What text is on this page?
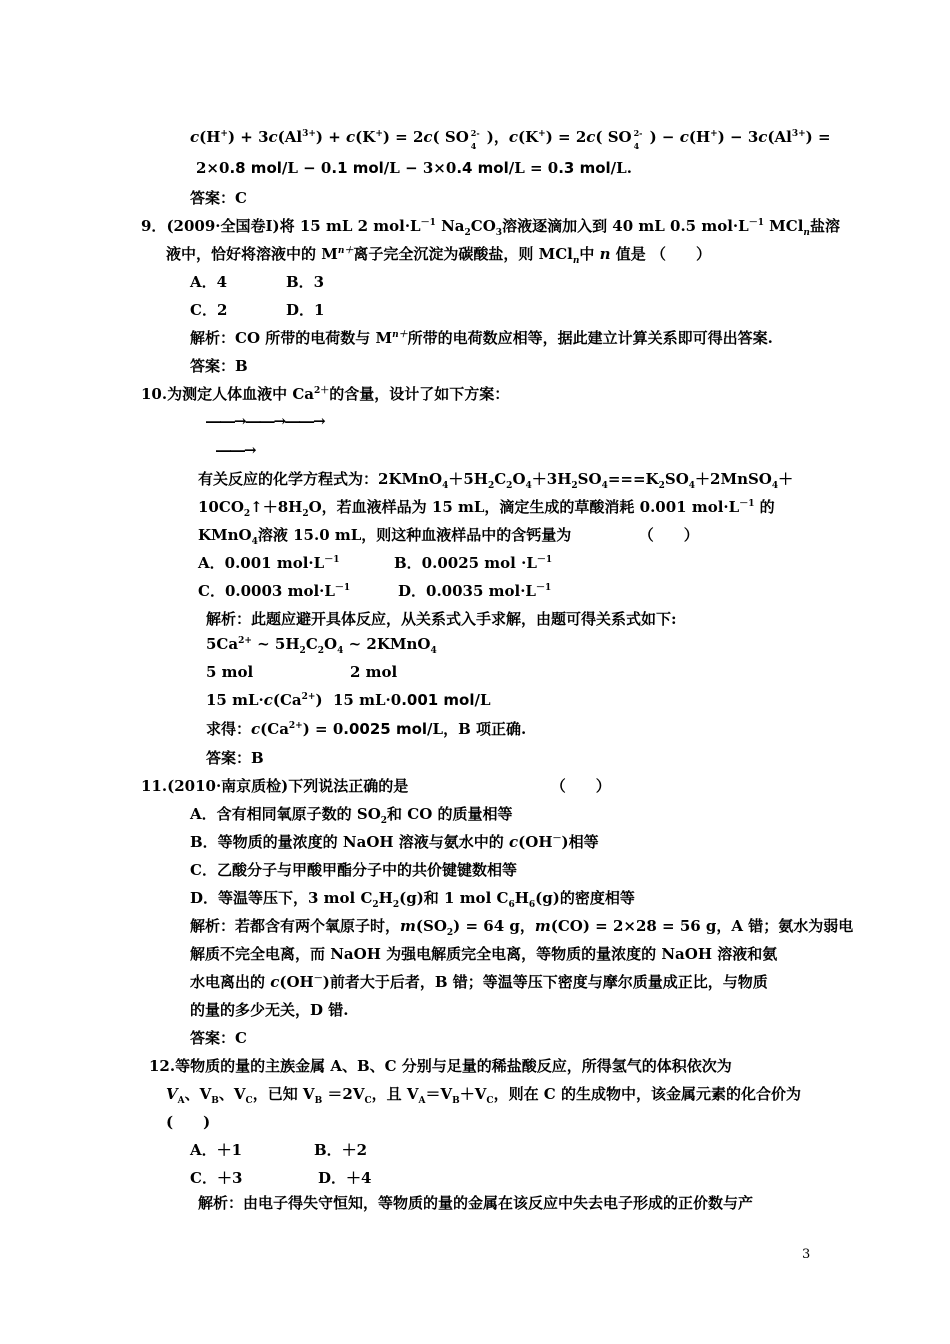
$c(H^+) + 3c(Al^{3+}) + c(K^+) = 2c$( SO 2-
4 )，c(K+) = 2c( SO 2-
4 ) − $c(H^+) - 3c(Al^{3+})$ =
2×0.8 mol/L − 0.1 mol/L − 3×0.4 mol/L = 0.3 mol/L.
答案：C
9．(2009·全国卷Ⅰ)将 15 mL 2 $mol\cdot L^{-1}$ $Na_2CO_3$溶液逐滴加入到 40 mL 0.5 $mol\cdot L^{-1}$ MCl$_n$盐溶
液中，恰好将溶液中的 $M^{n+}$离子完全沉淀为碳酸盐，则 MCl$_n$中 n 值是 （　　）
A．4	B．3
C．2	D．1
解析：CO 所带的电荷数与 $M^{n+}$所带的电荷数应相等，据此建立计算关系即可得出答案.
答案：B
10.为测定人体血液中 $Ca^{2+}$的含量，设计了如下方案：
――→――→――→
――→
有关反应的化学方程式为：$2KMnO_4+5H_2C_2O_4+3H_2SO_4===K_2SO_4+2MnSO_4+$
$10CO_2↑+8H_2O$，若血液样品为 15 mL，滴定生成的草酸消耗 0.001 $mol\cdot L^{-1}$ 的
KMnO$_4$溶液 15.0 mL，则这种血液样品中的含钙量为　　　　　（　　）
A．0.001 $mol\cdot L^{-1}$	B．0.0025 mol $\cdot L^{-1}$
C．0.0003 $mol\cdot L^{-1}$	D．0.0035 $mol\cdot L^{-1}$
解析：此题应避开具体反应，从关系式入手求解，由题可得关系式如下:
$5Ca^{2+}$ ~ $5H_2C_2O_4$ ~ 2KMnO$_4$
5 mol	2 mol
15 $mL\cdot c(Ca^{2+})$ 15 mL·0.001 mol/L
求得：$c(Ca^{2+}) = 0.0025$ mol/L，B 项正确.
答案：B
11.(2010·南京质检)下列说法正确的是　　　　　　　　　　（　　）
A．含有相同氧原子数的 $SO_2$和 CO 的质量相等
B．等物质的量浓度的 NaOH 溶液与氨水中的 c(OH－)相等
C．乙酸分子与甲酸甲酯分子中的共价键键数相等
D．等温等压下，3 mol $C_2H_2(g)$和 1 mol $C_6H_6(g)$的密度相等
解析：若都含有两个氧原子时，$m(SO_2) = 64$ g，m(CO) = 2×28 = 56 g，A 错；氨水为弱电
解质不完全电离，而 NaOH 为强电解质完全电离，等物质的量浓度的 NaOH 溶液和氨
水电离出的 c(OH－)前者大于后者，B 错；等温等压下密度与摩尔质量成正比，与物质
的量的多少无关，D 错.
答案：C
12.等物质的量的主族金属 A、B、C 分别与足量的稀盐酸反应，所得氢气的体积依次为
$V_A$、$V_B$、$V_C$，已知 $V_B =2V_C$，且 $V_A=V_B+V_C$，则在 C 的生成物中，该金属元素的化合价为
(　　)
A．＋1	B．＋2
C．＋3	D．＋4
解析：由电子得失守恒知，等物质的量的金属在该反应中失去电子形成的正价数与产
3
